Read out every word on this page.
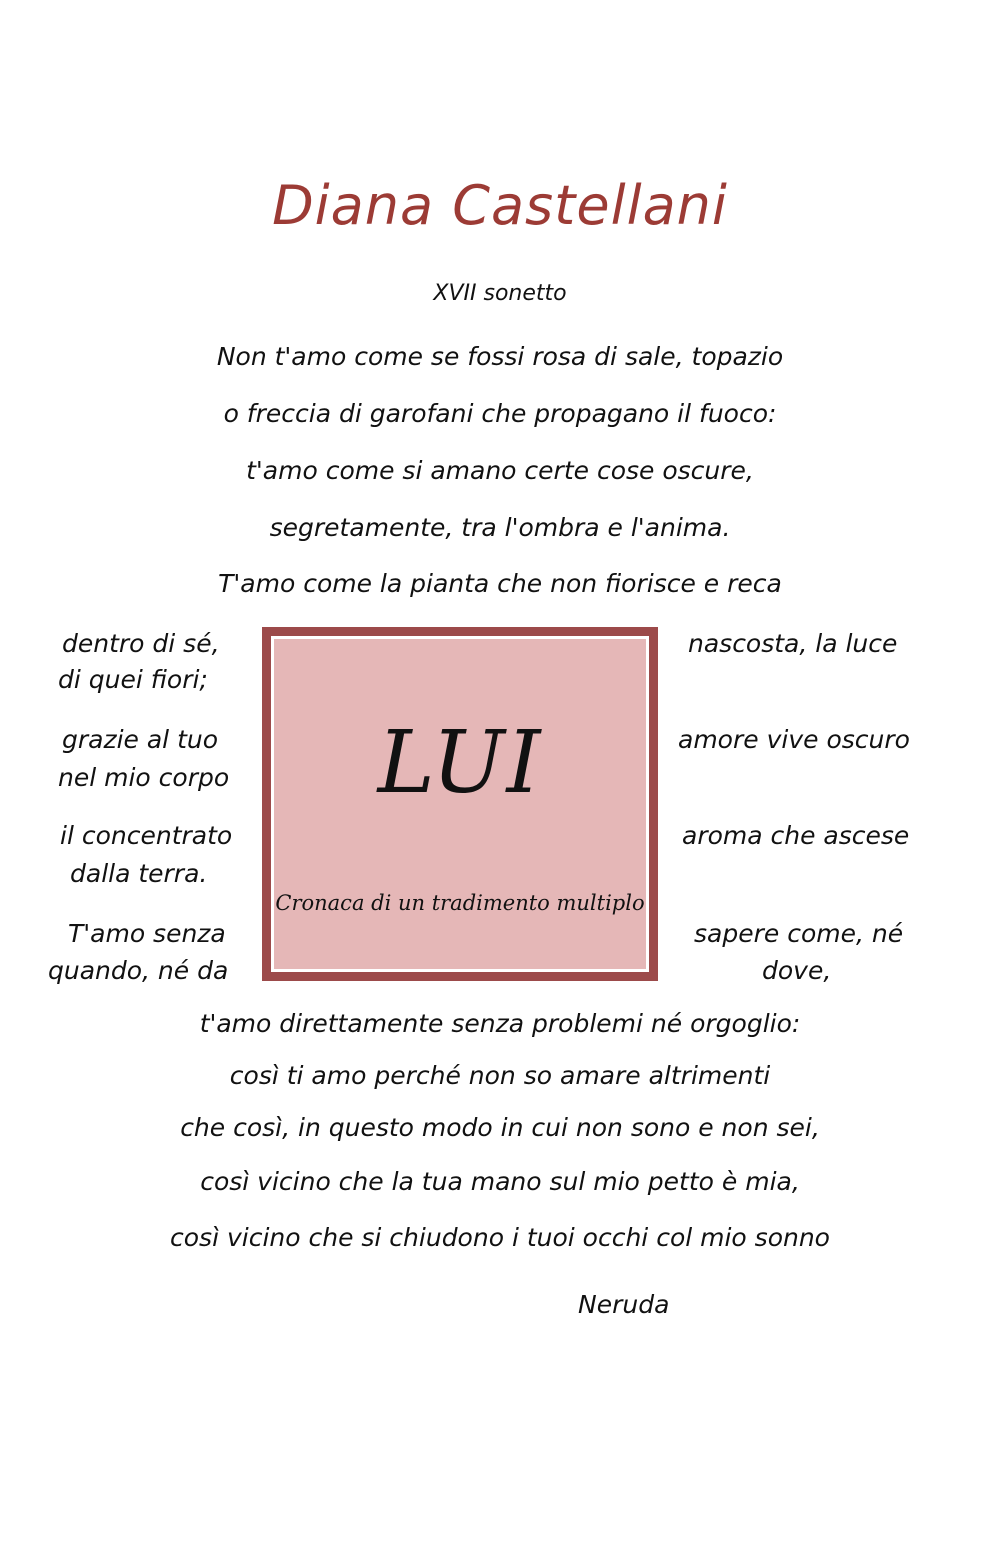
Diana Castellani
XVII sonetto
Non t'amo come se fossi rosa di sale, topazio
o freccia di garofani che propagano il fuoco:
t'amo come si amano certe cose oscure,
segretamente, tra l'ombra e l'anima.
T'amo come la pianta che non fiorisce e reca
dentro di sé,
di quei fiori;
grazie al tuo
nel mio corpo
il concentrato
dalla terra.
T'amo senza
quando, né da
nascosta, la luce
amore vive oscuro
aroma che ascese
sapere come, né
dove,
LUI
Cronaca di un tradimento multiplo
t'amo direttamente senza problemi né orgoglio:
così ti amo perché non so amare altrimenti
che così, in questo modo in cui non sono e non sei,
così vicino che la tua mano sul mio petto è mia,
così vicino che si chiudono i tuoi occhi col mio sonno
Neruda
